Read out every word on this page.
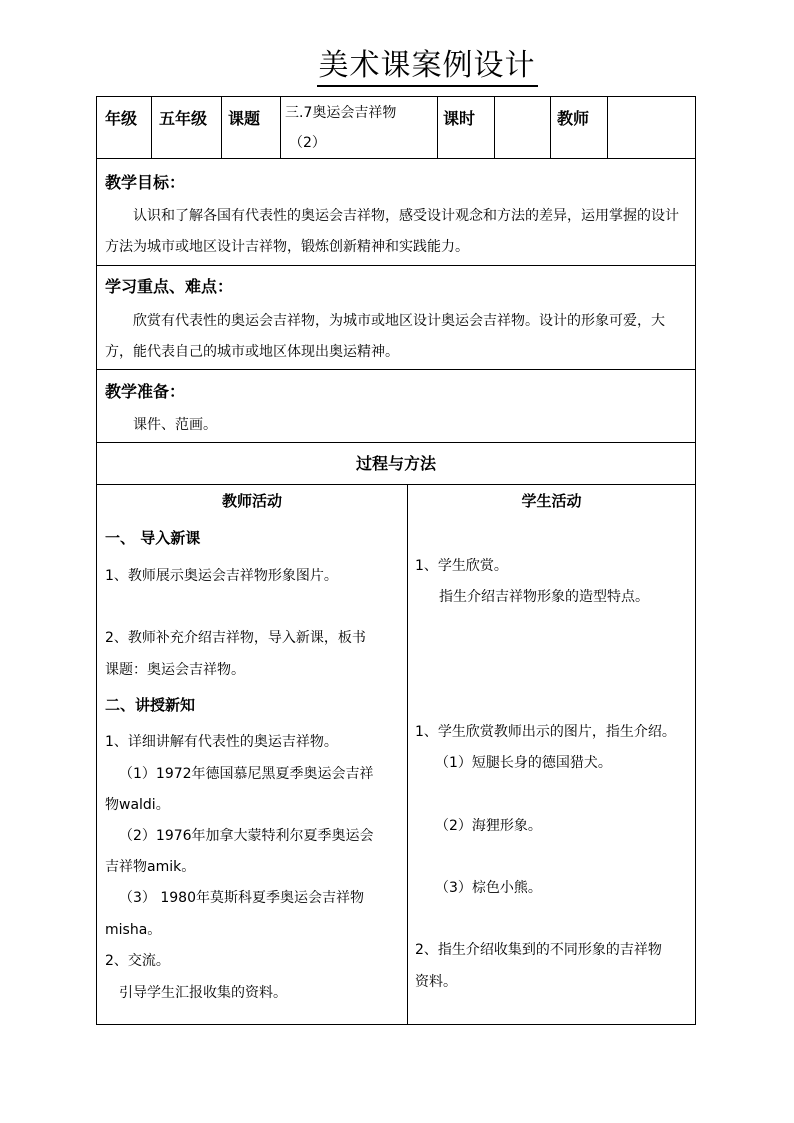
美术课案例设计
年级 五年级 课题 三.7奥运会吉祥物
（2）
课时	教师
教学目标：
认识和了解各国有代表性的奥运会吉祥物，感受设计观念和方法的差异，运用掌握的设计方法为城市或地区设计吉祥物，锻炼创新精神和实践能力。
学习重点、难点：
欣赏有代表性的奥运会吉祥物，为城市或地区设计奥运会吉祥物。设计的形象可爱，大方，能代表自己的城市或地区体现出奥运精神。
教学准备：
课件、范画。
过程与方法
教师活动	学生活动
一、 导入新课
1、教师展示奥运会吉祥物形象图片。
2、教师补充介绍吉祥物，导入新课，板书
课题：奥运会吉祥物。
二、讲授新知
1、详细讲解有代表性的奥运吉祥物。
（1）1972年德国慕尼黑夏季奥运会吉祥
物waldi。
（2）1976年加拿大蒙特利尔夏季奥运会
吉祥物amik。
（3） 1980年莫斯科夏季奥运会吉祥物
misha。
2、交流。
引导学生汇报收集的资料。
1、学生欣赏。
指生介绍吉祥物形象的造型特点。
1、学生欣赏教师出示的图片，指生介绍。
（1）短腿长身的德国猎犬。
（2）海狸形象。
（3）棕色小熊。
2、指生介绍收集到的不同形象的吉祥物
资料。
